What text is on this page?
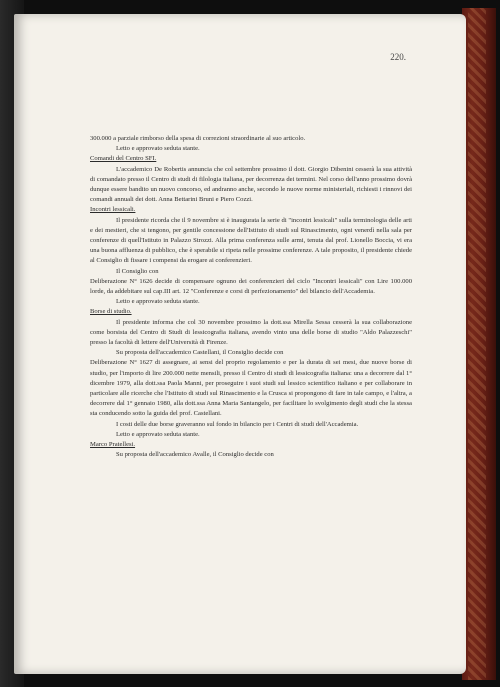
220.

300.000 a parziale rimborso della spesa di correzioni straordinarie al suo articolo.

Letto e approvato seduta stante.

Comandi del Centro SFI.

L'accademico De Robertis annuncia che col settembre prossimo il dott. Giorgio Dibenini cesserà la sua attività di comandato presso il Centro di studi di filologia italiana, per decorrenza dei termini. Nel corso dell'anno prossimo dovrà dunque essere bandito un nuovo concorso, ed andranno anche, secondo le nuove norme ministeriali, richiesti i rinnovi dei comandi annuali dei dott. Anna Bettarini Bruni e Piero Cozzi.

Incontri lessicali.

Il presidente ricorda che il 9 novembre si è inaugurata la serie di "incontri lessicali" sulla terminologia delle arti e dei mestieri, che si tengono, per gentile concessione dell'Istituto di studi sul Rinascimento, ogni venerdì nella sala per conferenze di quell'Istituto in Palazzo Strozzi. Alla prima conferenza sulle armi, tenuta dal prof. Lionello Boccia, vi era una buona affluenza di pubblico, che è sperabile si ripeta nelle prossime conferenze. A tale proposito, il presidente chiede al Consiglio di fissare i compensi da erogare ai conferenzieri.

Il Consiglio con

Deliberazione N° 1626 decide di compensare ognuno dei conferenzieri del ciclo "Incontri lessicali" con Lire 100.000 lorde, da addebitare sul cap.III art. 12 "Conferenze e corsi di perfezionamento" del bilancio dell'Accademia.

Letto e approvato seduta stante.

Borse di studio.

Il presidente informa che col 30 novembre prossimo la dott.ssa Mirella Sessa cesserà la sua collaborazione come borsista del Centro di Studi di lessicografia italiana, avendo vinto una delle borse di studio "Aldo Palazzeschi" presso la facoltà di lettere dell'Università di Firenze.

Su proposta dell'accademico Castellani, il Consiglio decide con

Deliberazione N° 1627 di assegnare, ai sensi del proprio regolamento e per la durata di sei mesi, due nuove borse di studio, per l'importo di lire 200.000 nette mensili, presso il Centro di studi di lessicografia italiana: una a decorrere dal 1° dicembre 1979, alla dott.ssa Paola Manni, per proseguire i suoi studi sul lessico scientifico italiano e per collaborare in particolare alle ricerche che l'Istituto di studi sul Rinascimento e la Crusca si propongono di fare in tale campo, e l'altra, a decorrere dal 1° gennaio 1980, alla dott.ssa Anna Maria Santangelo, per facilitare lo svolgimento degli studi che la stessa sta conducendo sotto la guida del prof. Castellani.

I costi delle due borse graveranno sul fondo in bilancio per i Centri di studi dell'Accademia.

Letto e approvato seduta stante.

Marco Pratellesi.

Su proposta dell'accademico Avalle, il Consiglio decide con
